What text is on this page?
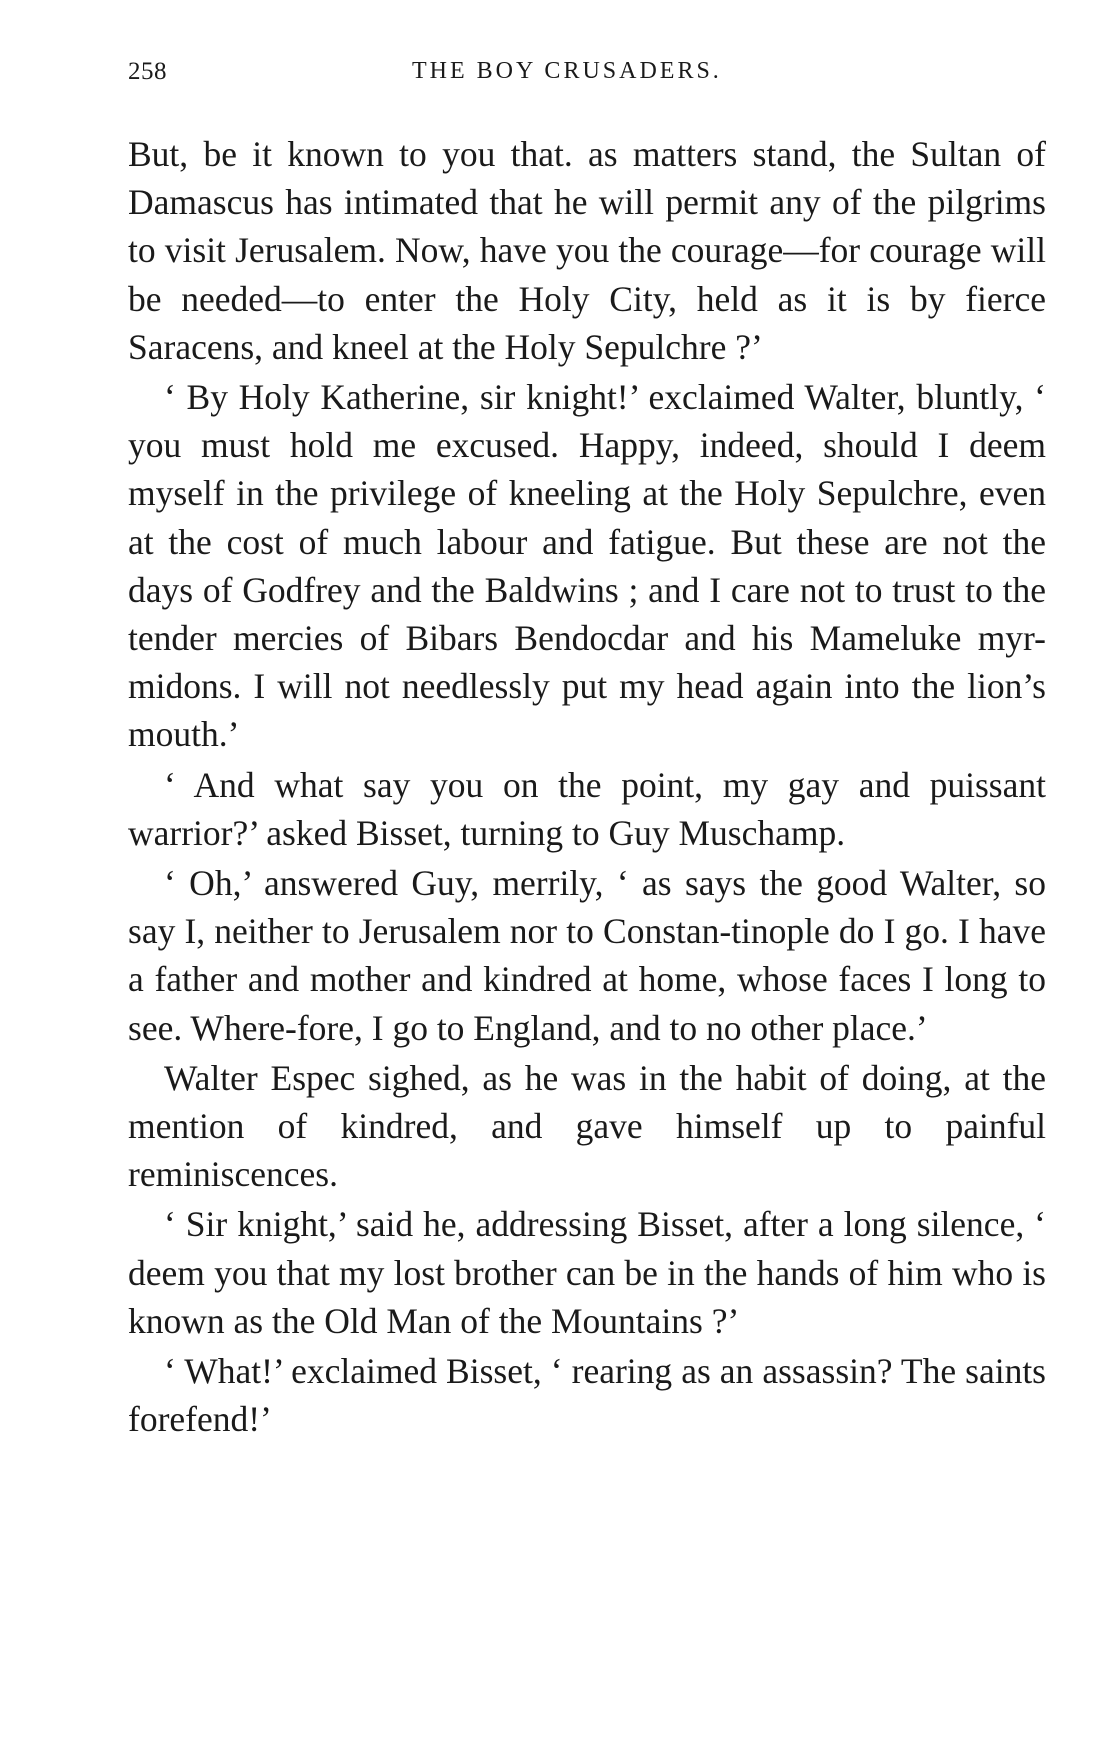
258	THE BOY CRUSADERS.

But, be it known to you that. as matters stand, the Sultan of Damascus has intimated that he will permit any of the pilgrims to visit Jerusalem. Now, have you the courage—for courage will be needed—to enter the Holy City, held as it is by fierce Saracens, and kneel at the Holy Sepulchre ?’

‘ By Holy Katherine, sir knight!’ exclaimed Walter, bluntly, ‘ you must hold me excused. Happy, indeed, should I deem myself in the privilege of kneeling at the Holy Sepulchre, even at the cost of much labour and fatigue. But these are not the days of Godfrey and the Baldwins ; and I care not to trust to the tender mercies of Bibars Bendocdar and his Mameluke myr-midons. I will not needlessly put my head again into the lion’s mouth.’

‘ And what say you on the point, my gay and puissant warrior?’ asked Bisset, turning to Guy Muschamp.

‘ Oh,’ answered Guy, merrily, ‘ as says the good Walter, so say I, neither to Jerusalem nor to Constan-tinople do I go. I have a father and mother and kindred at home, whose faces I long to see. Where-fore, I go to England, and to no other place.’

Walter Espec sighed, as he was in the habit of doing, at the mention of kindred, and gave himself up to painful reminiscences.

‘ Sir knight,’ said he, addressing Bisset, after a long silence, ‘ deem you that my lost brother can be in the hands of him who is known as the Old Man of the Mountains ?’

‘ What!’ exclaimed Bisset, ‘ rearing as an assassin? The saints forefend!’
